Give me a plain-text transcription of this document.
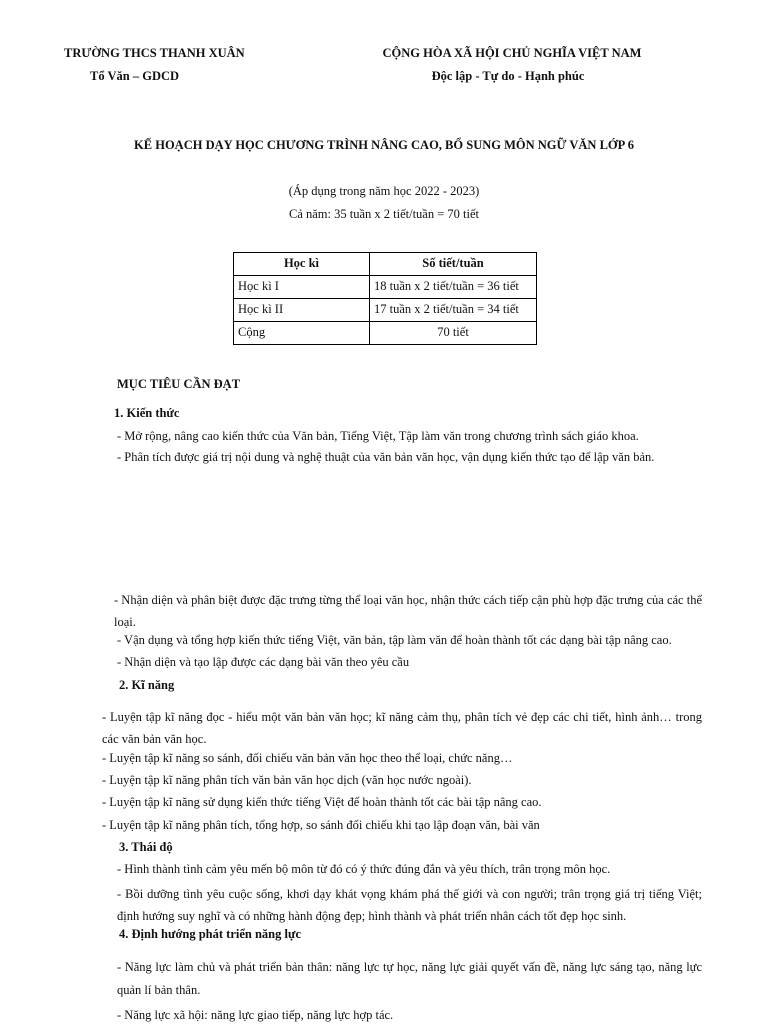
TRƯỜNG THCS THANH XUÂN
Tổ Văn – GDCD
CỘNG HÒA XÃ HỘI CHỦ NGHĨA VIỆT NAM
Độc lập - Tự do - Hạnh phúc
KẾ HOẠCH DẠY HỌC CHƯƠNG TRÌNH NÂNG CAO, BỔ SUNG MÔN NGỮ VĂN LỚP 6
(Áp dụng trong năm học 2022 - 2023)
Cả năm: 35 tuần x 2 tiết/tuần = 70 tiết
Học kì	Số tiết/tuần
Học kì I	18 tuần x 2 tiết/tuần = 36 tiết
Học kì II	17 tuần x 2 tiết/tuần = 34 tiết
Cộng	70 tiết
MỤC TIÊU CẦN ĐẠT
1. Kiến thức
- Mở rộng, nâng cao kiến thức của Văn bản, Tiếng Việt, Tập làm văn trong chương trình sách giáo khoa.
- Phân tích được giá trị nội dung và nghệ thuật của văn bản văn học, vận dụng kiến thức tạo để lập văn bản.
- Nhận diện và phân biệt được đặc trưng từng thể loại văn học, nhận thức cách tiếp cận phù hợp đặc trưng của các thể loại.
- Vận dụng và tổng hợp kiến thức tiếng Việt, văn bản, tập làm văn để hoàn thành tốt các dạng bài tập nâng cao.
- Nhận diện và tạo lập được các dạng bài văn theo yêu cầu
2. Kĩ năng
- Luyện tập kĩ năng đọc - hiểu một văn bản văn học; kĩ năng cảm thụ, phân tích vẻ đẹp các chi tiết, hình ảnh… trong các văn bản văn học.
- Luyện tập kĩ năng so sánh, đối chiếu văn bản văn học theo thể loại, chức năng…
- Luyện tập kĩ năng phân tích văn bản văn học dịch (văn học nước ngoài).
- Luyện tập kĩ năng sử dụng kiến thức tiếng Việt để hoàn thành tốt các bài tập nâng cao.
- Luyện tập kĩ năng phân tích, tổng hợp, so sánh đối chiếu khi tạo lập đoạn văn, bài văn
3. Thái độ
- Hình thành tình cảm yêu mến bộ môn từ đó có ý thức đúng đắn và yêu thích, trân trọng môn học.
- Bồi dưỡng tình yêu cuộc sống, khơi dạy khát vọng khám phá thế giới và con người; trân trọng giá trị tiếng Việt; định hướng suy nghĩ và có những hành động đẹp; hình thành và phát triển nhân cách tốt đẹp học sinh.
4. Định hướng phát triển năng lực
- Năng lực làm chủ và phát triển bản thân: năng lực tự học, năng lực giải quyết vấn đề, năng lực sáng tạo, năng lực quản lí bản thân.
- Năng lực xã hội: năng lực giao tiếp, năng lực hợp tác.
